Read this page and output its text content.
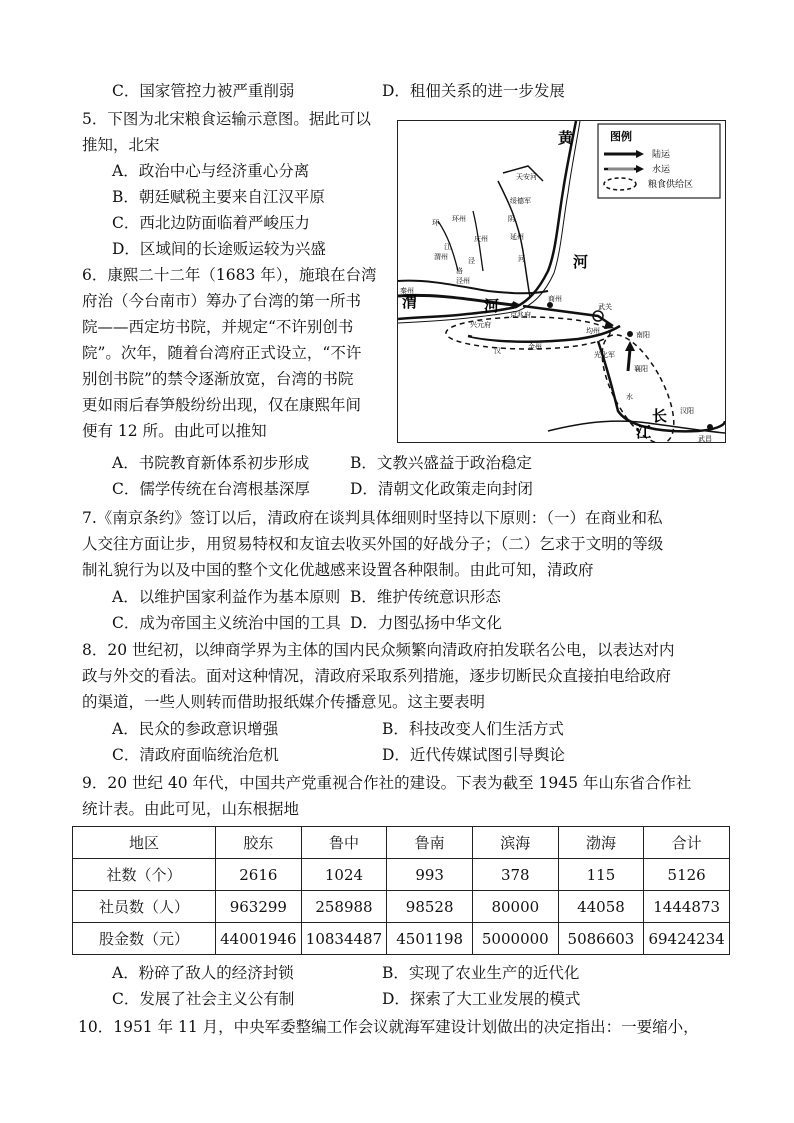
C．国家管控力被严重削弱	D．租佃关系的进一步发展
5．下图为北宋粮食运输示意图。据此可以
推知，北宋
A．政治中心与经济重心分离
B．朝廷赋税主要来自江汉平原
C．西北边防面临着严峻压力
D．区域间的长途贩运较为兴盛
图例
陆运
水运
粮食供给区
黄
河
渭	河
长
江
天安河
绥德军
环 环州
庆州	延州
泾州
渭州
秦州
京兆府
商州
武关
均州	南阳
襄阳
汉阳
武昌
兴元府
金州
光化军
汉
水
江
洛
泾
阴
河
6．康熙二十二年（1683 年），施琅在台湾
府治（今台南市）筹办了台湾的第一所书
院——西定坊书院，并规定“不许别创书
院”。次年，随着台湾府正式设立，“不许
别创书院”的禁令逐渐放宽，台湾的书院
更如雨后春笋般纷纷出现，仅在康熙年间
便有 12 所。由此可以推知
A．书院教育新体系初步形成	B．文教兴盛益于政治稳定
C．儒学传统在台湾根基深厚	D．清朝文化政策走向封闭
7.《南京条约》签订以后，清政府在谈判具体细则时坚持以下原则：（一）在商业和私
人交往方面让步，用贸易特权和友谊去收买外国的好战分子；（二）乞求于文明的等级
制礼貌行为以及中国的整个文化优越感来设置各种限制。由此可知，清政府
A．以维护国家利益作为基本原则 B．维护传统意识形态
C．成为帝国主义统治中国的工具 D．力图弘扬中华文化
8．20 世纪初，以绅商学界为主体的国内民众频繁向清政府拍发联名公电，以表达对内
政与外交的看法。面对这种情况，清政府采取系列措施，逐步切断民众直接拍电给政府
的渠道，一些人则转而借助报纸媒介传播意见。这主要表明
A．民众的参政意识增强	B．科技改变人们生活方式
C．清政府面临统治危机	D．近代传媒试图引导舆论
9．20 世纪 40 年代，中国共产党重视合作社的建设。下表为截至 1945 年山东省合作社
统计表。由此可见，山东根据地
地区	胶东	鲁中	鲁南	滨海	渤海	合计
社数（个）	2616	1024	993	378	115	5126
社员数（人）	963299	258988	98528	80000	44058	1444873
股金数（元）	44001946	10834487	4501198	5000000	5086603	69424234
A．粉碎了敌人的经济封锁	B．实现了农业生产的近代化
C．发展了社会主义公有制	D．探索了大工业发展的模式
10．1951 年 11 月，中央军委整编工作会议就海军建设计划做出的决定指出：一要缩小，
